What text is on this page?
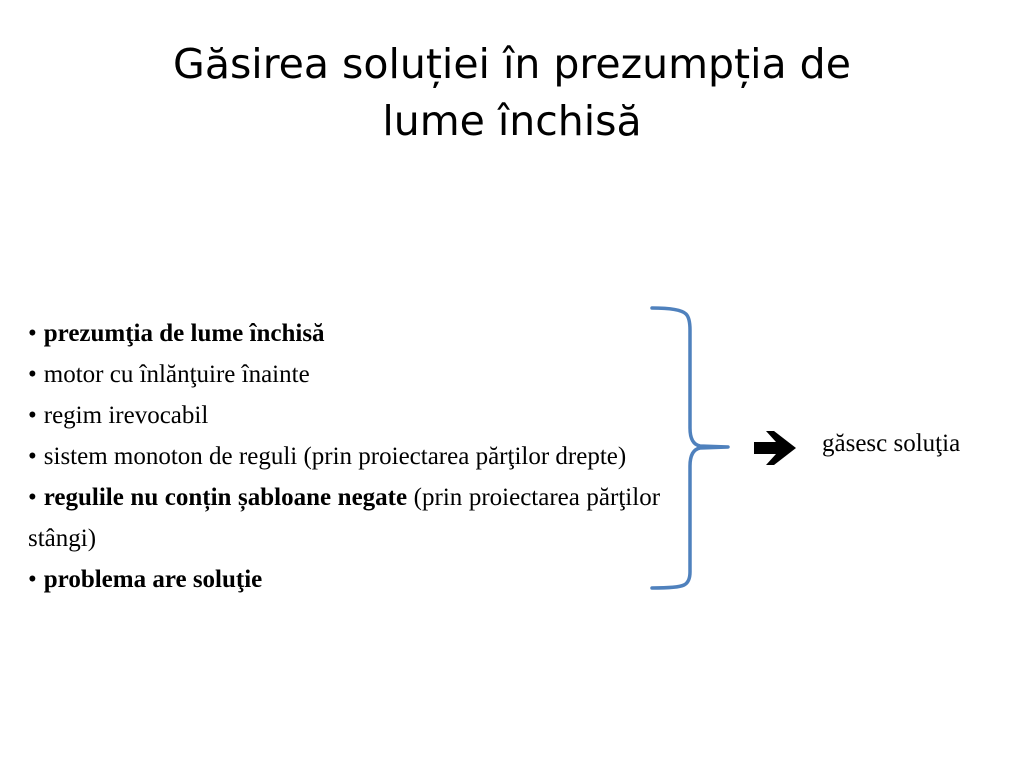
Găsirea soluției în prezumpția de
lume închisă
• prezumţia de lume închisă
• motor cu înlănţuire înainte
• regim irevocabil
• sistem monoton de reguli (prin proiectarea părţilor drepte)
• regulile nu conțin șabloane negate (prin proiectarea părţilor stângi)
• problema are soluţie
găsesc soluţia
